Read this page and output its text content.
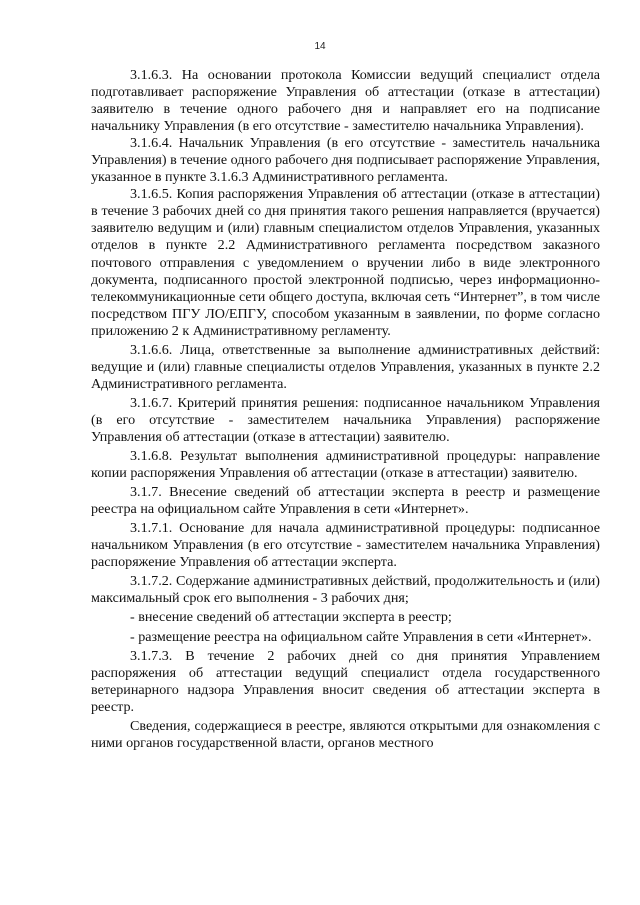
14

3.1.6.3. На основании протокола Комиссии ведущий специалист отдела подготавливает распоряжение Управления об аттестации (отказе в аттестации) заявителю в течение одного рабочего дня и направляет его на подписание начальнику Управления (в его отсутствие - заместителю начальника Управления).

3.1.6.4. Начальник Управления (в его отсутствие - заместитель начальника Управления) в течение одного рабочего дня подписывает распоряжение Управления, указанное в пункте 3.1.6.3 Административного регламента.

3.1.6.5. Копия распоряжения Управления об аттестации (отказе в аттестации) в течение 3 рабочих дней со дня принятия такого решения направляется (вручается) заявителю ведущим и (или) главным специалистом отделов Управления, указанных отделов в пункте 2.2 Административного регламента посредством заказного почтового отправления с уведомлением о вручении либо в виде электронного документа, подписанного простой электронной подписью, через информационно-телекоммуникационные сети общего доступа, включая сеть “Интернет”, в том числе посредством ПГУ ЛО/ЕПГУ, способом указанным в заявлении, по форме согласно приложению 2 к Административному регламенту.

3.1.6.6. Лица, ответственные за выполнение административных действий: ведущие и (или) главные специалисты отделов Управления, указанных в пункте 2.2 Административного регламента.

3.1.6.7. Критерий принятия решения: подписанное начальником Управления (в его отсутствие - заместителем начальника Управления) распоряжение Управления об аттестации (отказе в аттестации) заявителю.

3.1.6.8. Результат выполнения административной процедуры: направление копии распоряжения Управления об аттестации (отказе в аттестации) заявителю.

3.1.7. Внесение сведений об аттестации эксперта в реестр и размещение реестра на официальном сайте Управления в сети «Интернет».

3.1.7.1. Основание для начала административной процедуры: подписанное начальником Управления (в его отсутствие - заместителем начальника Управления) распоряжение Управления об аттестации эксперта.

3.1.7.2. Содержание административных действий, продолжительность и (или) максимальный срок его выполнения - 3 рабочих дня;

- внесение сведений об аттестации эксперта в реестр;

- размещение реестра на официальном сайте Управления в сети «Интернет».

3.1.7.3. В течение 2 рабочих дней со дня принятия Управлением распоряжения об аттестации ведущий специалист отдела государственного ветеринарного надзора Управления вносит сведения об аттестации эксперта в реестр.

Сведения, содержащиеся в реестре, являются открытыми для ознакомления с ними органов государственной власти, органов местного
